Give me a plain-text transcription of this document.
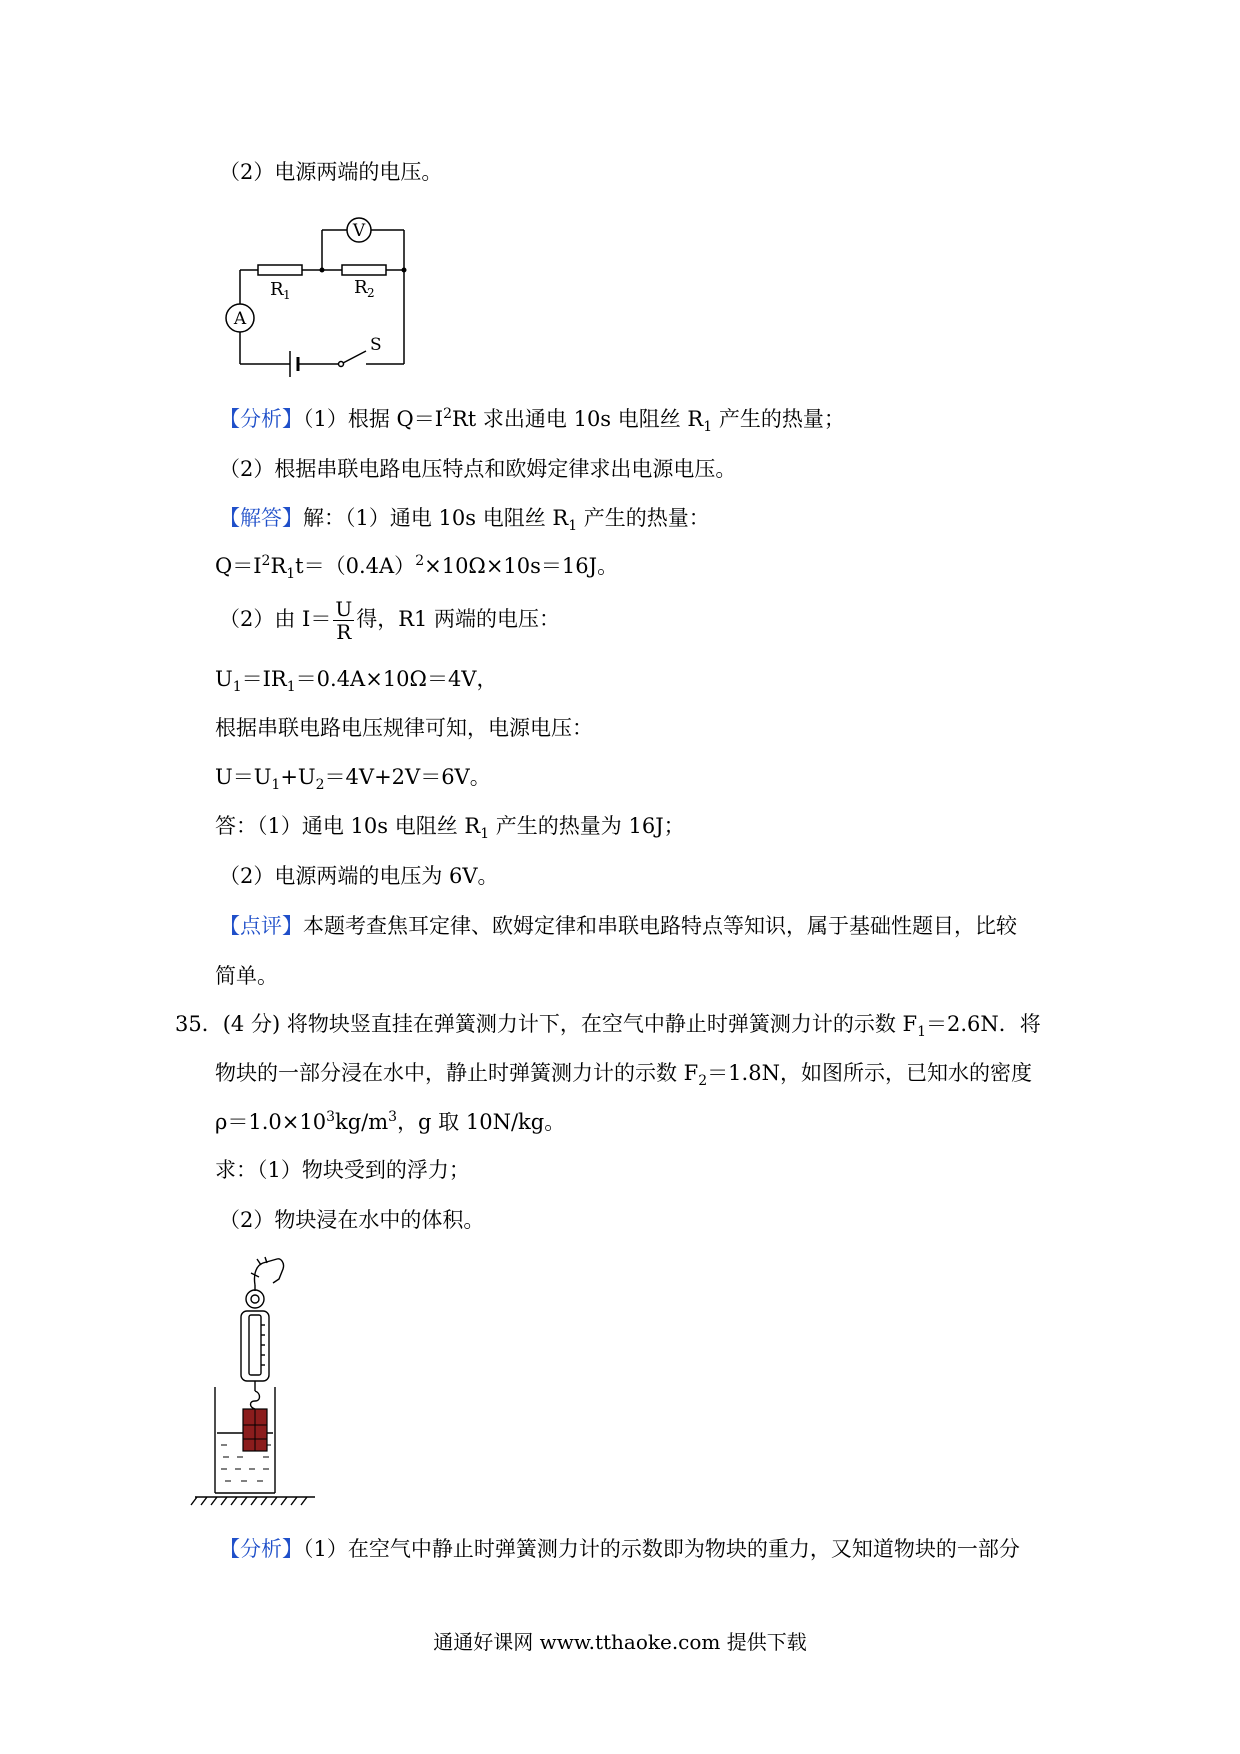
（2）电源两端的电压。
V
A
R 1	R 2
S
【分析】（1）根据 $Q=I^2Rt$ 求出通电 10s 电阻丝 $R_1$ 产生的热量；
（2）根据串联电路电压特点和欧姆定律求出电源电压。
【解答】解：（1）通电 10s 电阻丝 $R_1$ 产生的热量：
$Q=I^2R_1t=(0.4A)^2\times 10\Omega\times 10s=16J$。
（2）由 $I= \frac{U}{R}$ 得，R1 两端的电压：
$U_1=IR_1=0.4A\times 10\Omega=4V$，
根据串联电路电压规律可知，电源电压：
$U=U_1+U_2=4V+2V=6V$。
答：（1）通电 10s 电阻丝 $R_1$ 产生的热量为 16J；
（2）电源两端的电压为 6V。
【点评】本题考查焦耳定律、欧姆定律和串联电路特点等知识，属于基础性题目，比较
简单。
35．(4 分) 将物块竖直挂在弹簧测力计下，在空气中静止时弹簧测力计的示数 $F_1=2.6N$．将
物块的一部分浸在水中，静止时弹簧测力计的示数 $F_2=1.8N$，如图所示，已知水的密度
$\rho=1.0\times 10^3kg/m^3$，g 取 10N/kg。
求：（1）物块受到的浮力；
（2）物块浸在水中的体积。
【分析】（1）在空气中静止时弹簧测力计的示数即为物块的重力，又知道物块的一部分
通通好课网 www.tthaoke.com 提供下载
